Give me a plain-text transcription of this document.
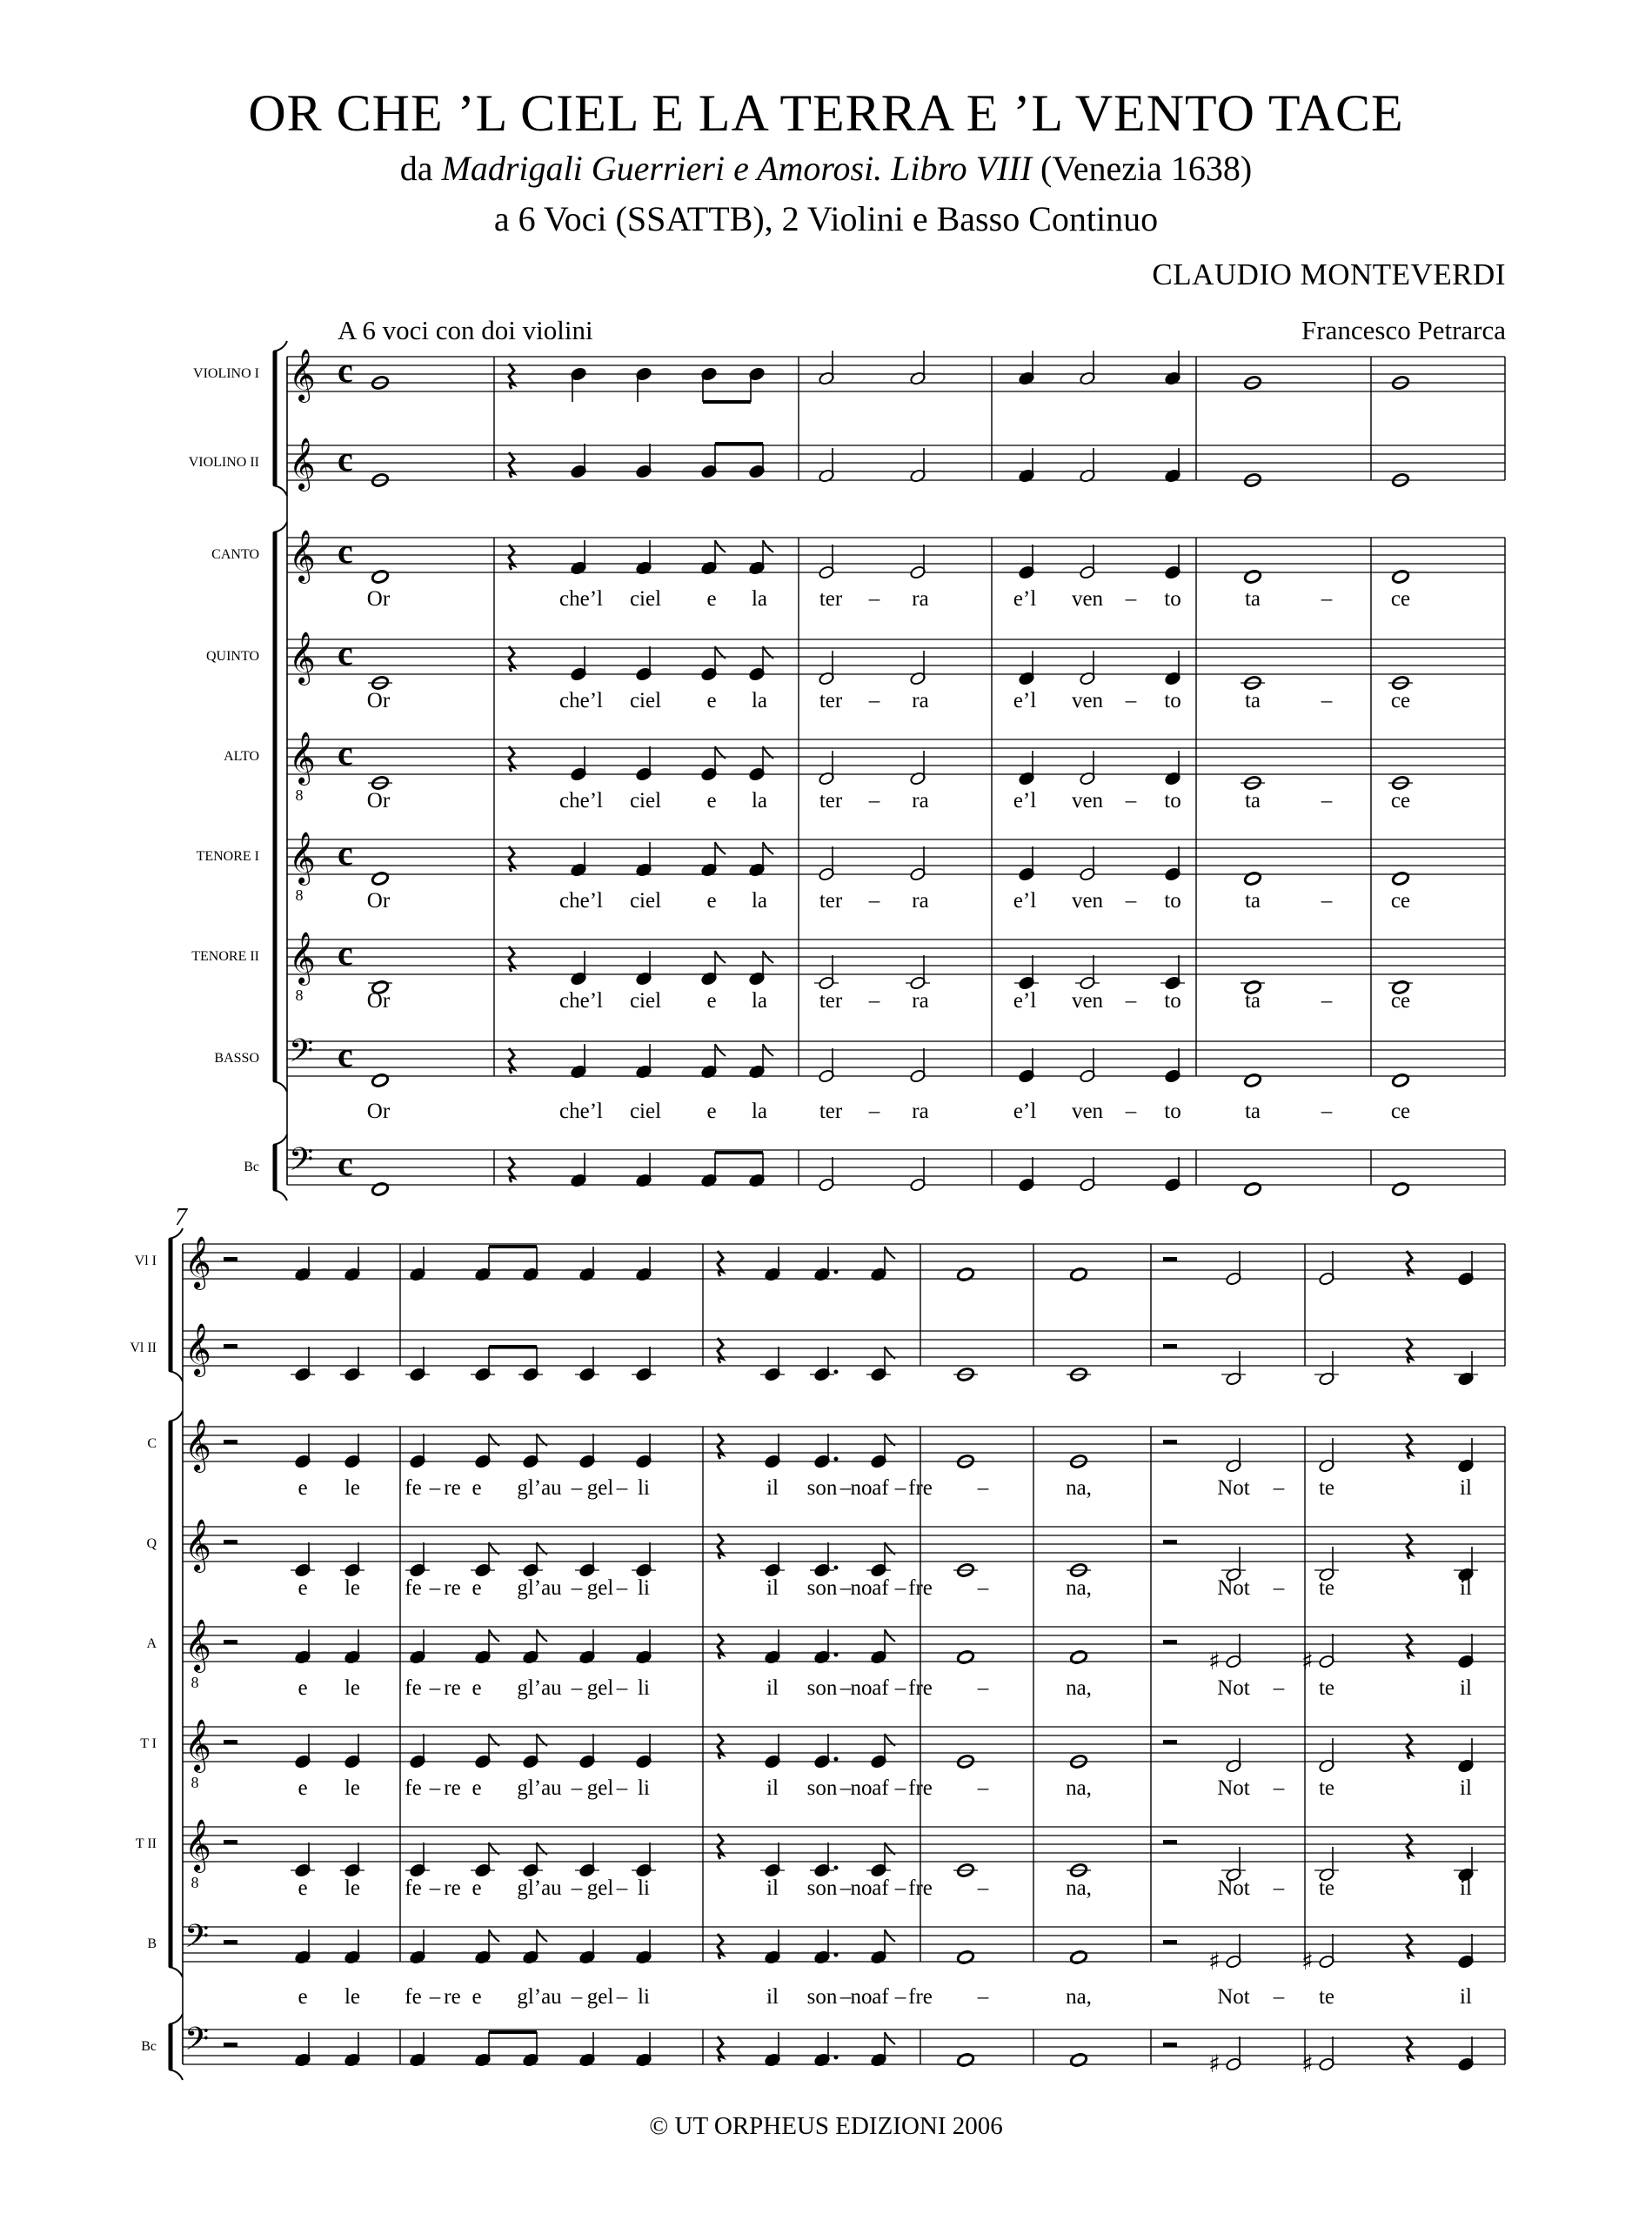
OR CHE ’L CIEL E LA TERRA E ’L VENTO TACE
da Madrigali Guerrieri e Amorosi. Libro VIII (Venezia 1638)
a 6 Voci (SSATTB), 2 Violini e Basso Continuo
CLAUDIO MONTEVERDI
A 6 voci con doi violini	Francesco Petrarca
𝄞 c
VIOLINO I
𝄞 c
VIOLINO II
𝄞 c
CANTO
𝄞 c
QUINTO
𝄞
8
c
ALTO
𝄞
8
c
TENORE I
𝄞
8
c
TENORE II
𝄢 c
BASSO
𝄢 c
Bc
Or	che’l ciel e la ter – ra	e’l ven – to	ta	–	ce
Or	che’l ciel e la ter – ra	e’l ven – to	ta	–	ce
Or	che’l ciel e la ter – ra	e’l ven – to	ta	–	ce
Or	che’l ciel e la ter – ra	e’l ven – to	ta	–	ce
Or	che’l ciel e la ter – ra	e’l ven – to	ta	–	ce
Or	che’l ciel e la ter – ra	e’l ven – to	ta	–	ce
7
𝄞
Vl I
𝄞
Vl II
𝄞
C
𝄞
Q
𝄞
8
A
𝄞
8
T I
𝄞
8
T II
𝄢
B
𝄢
Bc
♯	♯
♯	♯
♯	♯
e le fe – re e gl’au – gel – li	il son – no af – fre –	na,	Not – te	il
e le fe – re e gl’au – gel – li	il son – no af – fre –	na,	Not – te	il
e le fe – re e gl’au – gel – li	il son – no af – fre –	na,	Not – te	il
e le fe – re e gl’au – gel – li	il son – no af – fre –	na,	Not – te	il
e le fe – re e gl’au – gel – li	il son – no af – fre –	na,	Not – te	il
e le fe – re e gl’au – gel – li	il son – no af – fre –	na,	Not – te	il
© UT ORPHEUS EDIZIONI 2006
